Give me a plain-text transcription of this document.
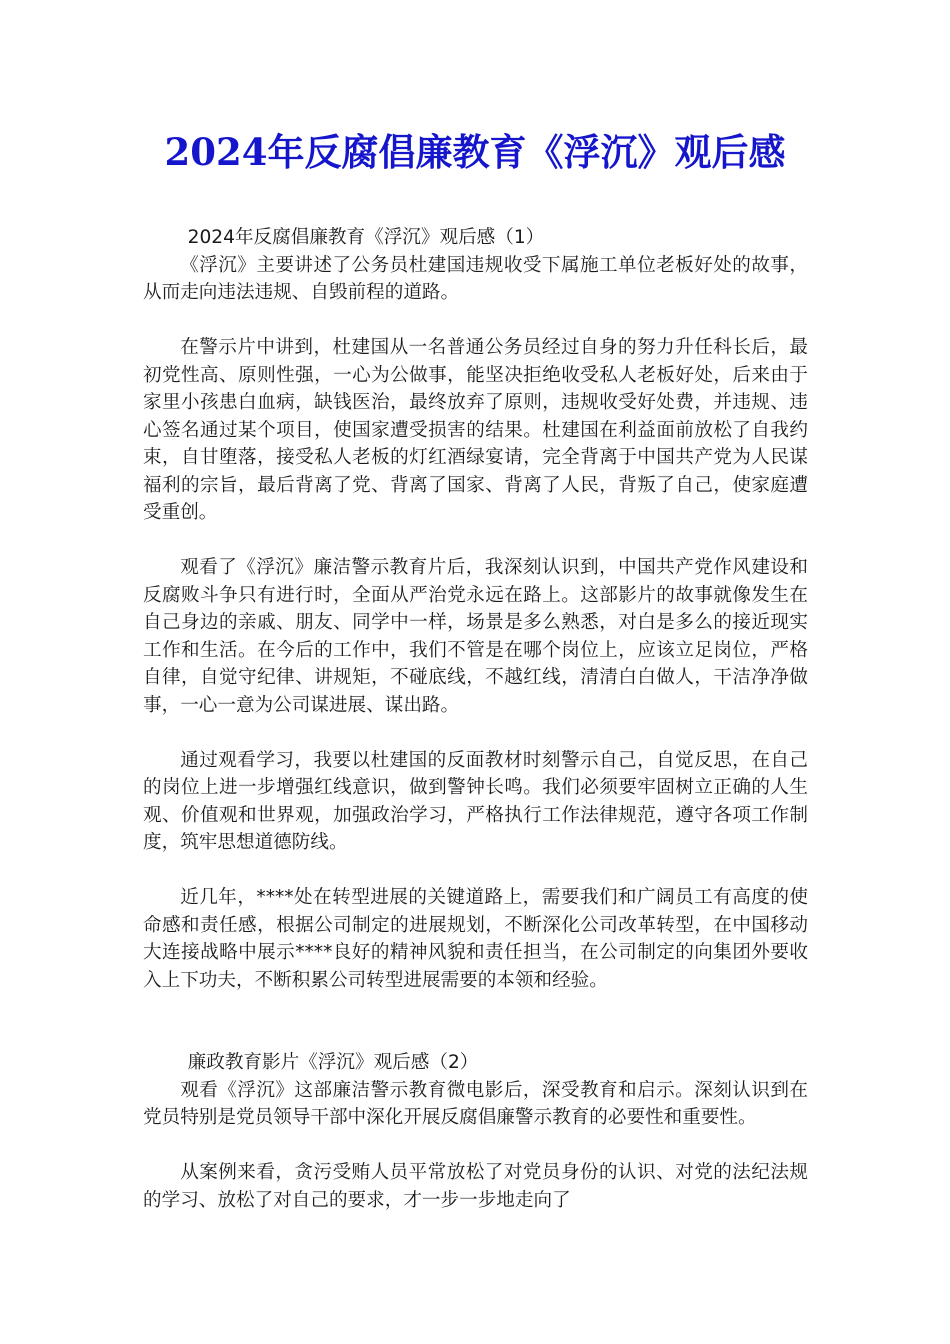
2024年反腐倡廉教育《浮沉》观后感

2024年反腐倡廉教育《浮沉》观后感（1）

《浮沉》主要讲述了公务员杜建国违规收受下属施工单位老板好处的故事，从而走向违法违规、自毁前程的道路。

在警示片中讲到，杜建国从一名普通公务员经过自身的努力升任科长后，最初党性高、原则性强，一心为公做事，能坚决拒绝收受私人老板好处，后来由于家里小孩患白血病，缺钱医治，最终放弃了原则，违规收受好处费，并违规、违心签名通过某个项目，使国家遭受损害的结果。杜建国在利益面前放松了自我约束，自甘堕落，接受私人老板的灯红酒绿宴请，完全背离于中国共产党为人民谋福利的宗旨，最后背离了党、背离了国家、背离了人民，背叛了自己，使家庭遭受重创。

观看了《浮沉》廉洁警示教育片后，我深刻认识到，中国共产党作风建设和反腐败斗争只有进行时，全面从严治党永远在路上。这部影片的故事就像发生在自己身边的亲戚、朋友、同学中一样，场景是多么熟悉，对白是多么的接近现实工作和生活。在今后的工作中，我们不管是在哪个岗位上，应该立足岗位，严格自律，自觉守纪律、讲规矩，不碰底线，不越红线，清清白白做人，干洁净净做事，一心一意为公司谋进展、谋出路。

通过观看学习，我要以杜建国的反面教材时刻警示自己，自觉反思，在自己的岗位上进一步增强红线意识，做到警钟长鸣。我们必须要牢固树立正确的人生观、价值观和世界观，加强政治学习，严格执行工作法律规范，遵守各项工作制度，筑牢思想道德防线。

近几年，****处在转型进展的关键道路上，需要我们和广阔员工有高度的使命感和责任感，根据公司制定的进展规划，不断深化公司改革转型，在中国移动大连接战略中展示****良好的精神风貌和责任担当，在公司制定的向集团外要收入上下功夫，不断积累公司转型进展需要的本领和经验。

廉政教育影片《浮沉》观后感（2）

观看《浮沉》这部廉洁警示教育微电影后，深受教育和启示。深刻认识到在党员特别是党员领导干部中深化开展反腐倡廉警示教育的必要性和重要性。

从案例来看，贪污受贿人员平常放松了对党员身份的认识、对党的法纪法规的学习、放松了对自己的要求，才一步一步地走向了
